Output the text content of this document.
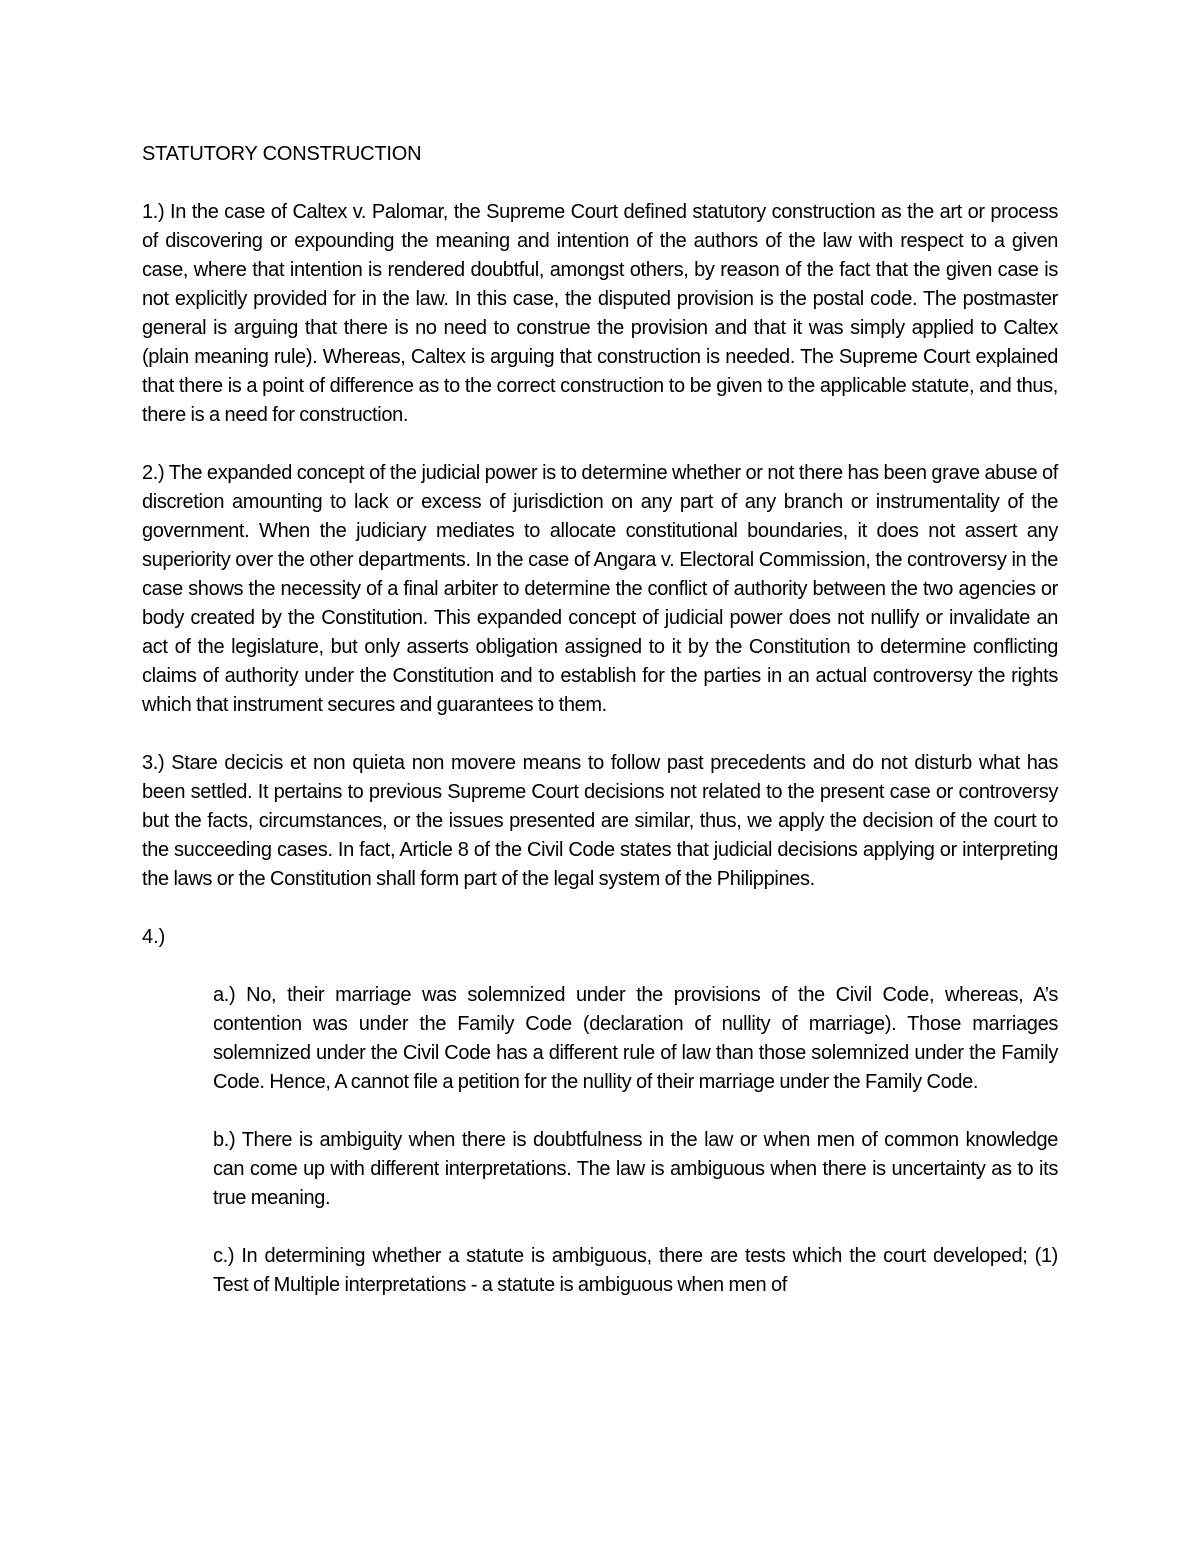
STATUTORY CONSTRUCTION

1.) In the case of Caltex v. Palomar, the Supreme Court defined statutory construction as the art or process of discovering or expounding the meaning and intention of the authors of the law with respect to a given case, where that intention is rendered doubtful, amongst others, by reason of the fact that the given case is not explicitly provided for in the law. In this case, the disputed provision is the postal code. The postmaster general is arguing that there is no need to construe the provision and that it was simply applied to Caltex (plain meaning rule). Whereas, Caltex is arguing that construction is needed. The Supreme Court explained that there is a point of difference as to the correct construction to be given to the applicable statute, and thus, there is a need for construction.

2.) The expanded concept of the judicial power is to determine whether or not there has been grave abuse of discretion amounting to lack or excess of jurisdiction on any part of any branch or instrumentality of the government. When the judiciary mediates to allocate constitutional boundaries, it does not assert any superiority over the other departments. In the case of Angara v. Electoral Commission, the controversy in the case shows the necessity of a final arbiter to determine the conflict of authority between the two agencies or body created by the Constitution. This expanded concept of judicial power does not nullify or invalidate an act of the legislature, but only asserts obligation assigned to it by the Constitution to determine conflicting claims of authority under the Constitution and to establish for the parties in an actual controversy the rights which that instrument secures and guarantees to them.

3.) Stare decicis et non quieta non movere means to follow past precedents and do not disturb what has been settled. It pertains to previous Supreme Court decisions not related to the present case or controversy but the facts, circumstances, or the issues presented are similar, thus, we apply the decision of the court to the succeeding cases. In fact, Article 8 of the Civil Code states that judicial decisions applying or interpreting the laws or the Constitution shall form part of the legal system of the Philippines.

4.)

a.) No, their marriage was solemnized under the provisions of the Civil Code, whereas, A’s contention was under the Family Code (declaration of nullity of marriage). Those marriages solemnized under the Civil Code has a different rule of law than those solemnized under the Family Code. Hence, A cannot file a petition for the nullity of their marriage under the Family Code.

b.) There is ambiguity when there is doubtfulness in the law or when men of common knowledge can come up with different interpretations. The law is ambiguous when there is uncertainty as to its true meaning.

c.) In determining whether a statute is ambiguous, there are tests which the court developed; (1) Test of Multiple interpretations - a statute is ambiguous when men of
